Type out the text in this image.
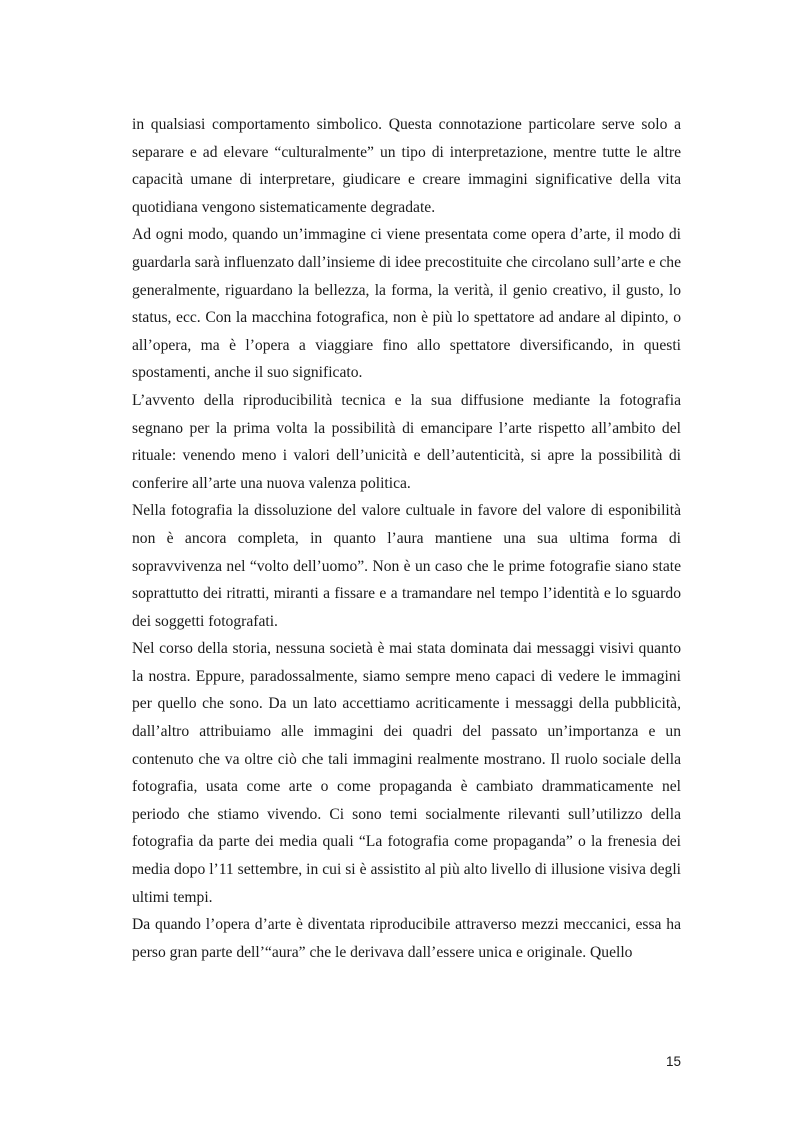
in qualsiasi comportamento simbolico. Questa connotazione particolare serve solo a separare e ad elevare “culturalmente” un tipo di interpretazione, mentre tutte le altre capacità umane di interpretare, giudicare e creare immagini significative della vita quotidiana vengono sistematicamente degradate.

Ad ogni modo, quando un’immagine ci viene presentata come opera d’arte, il modo di guardarla sarà influenzato dall’insieme di idee precostituite che circolano sull’arte e che generalmente, riguardano la bellezza, la forma, la verità, il genio creativo, il gusto, lo status, ecc. Con la macchina fotografica, non è più lo spettatore ad andare al dipinto, o all’opera, ma è l’opera a viaggiare fino allo spettatore diversificando, in questi spostamenti, anche il suo significato.

L’avvento della riproducibilità tecnica e la sua diffusione mediante la fotografia segnano per la prima volta la possibilità di emancipare l’arte rispetto all’ambito del rituale: venendo meno i valori dell’unicità e dell’autenticità, si apre la possibilità di conferire all’arte una nuova valenza politica.

Nella fotografia la dissoluzione del valore cultuale in favore del valore di esponibilità non è ancora completa, in quanto l’aura mantiene una sua ultima forma di sopravvivenza nel “volto dell’uomo”. Non è un caso che le prime fotografie siano state soprattutto dei ritratti, miranti a fissare e a tramandare nel tempo l’identità e lo sguardo dei soggetti fotografati.

Nel corso della storia, nessuna società è mai stata dominata dai messaggi visivi quanto la nostra. Eppure, paradossalmente, siamo sempre meno capaci di vedere le immagini per quello che sono. Da un lato accettiamo acriticamente i messaggi della pubblicità, dall’altro attribuiamo alle immagini dei quadri del passato un’importanza e un contenuto che va oltre ciò che tali immagini realmente mostrano. Il ruolo sociale della fotografia, usata come arte o come propaganda è cambiato drammaticamente nel periodo che stiamo vivendo. Ci sono temi socialmente rilevanti sull’utilizzo della fotografia da parte dei media quali “La fotografia come propaganda” o la frenesia dei media dopo l’11 settembre, in cui si è assistito al più alto livello di illusione visiva degli ultimi tempi.

Da quando l’opera d’arte è diventata riproducibile attraverso mezzi meccanici, essa ha perso gran parte dell’“aura” che le derivava dall’essere unica e originale. Quello

15
